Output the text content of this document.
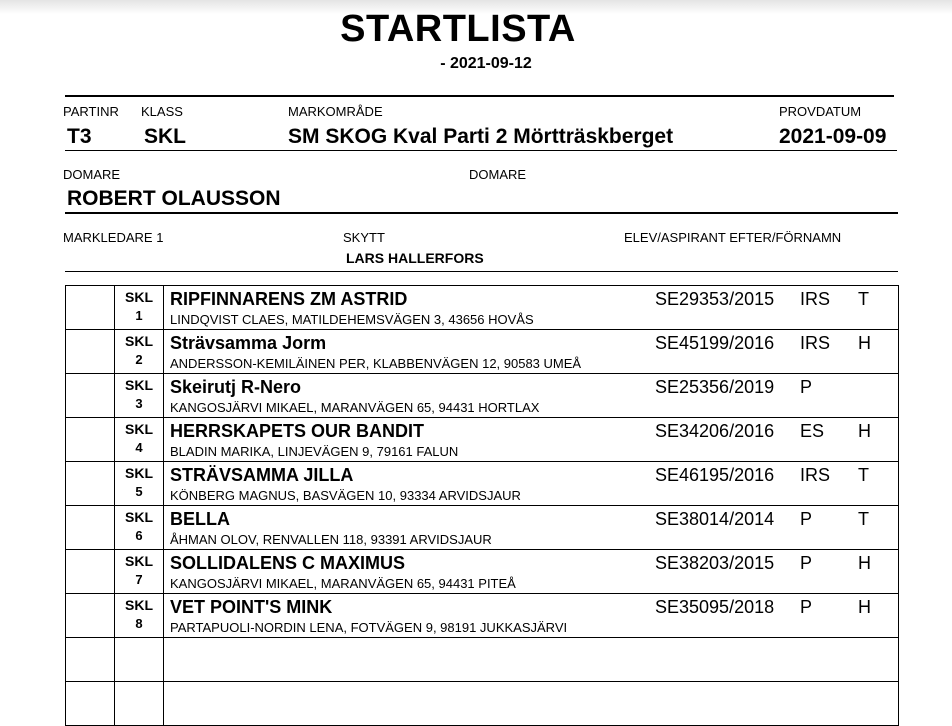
STARTLISTA
- 2021-09-12
PARTINR KLASS	MARKOMRÅDE	PROVDATUM
T3 SKL	SM SKOG Kval Parti 2 Mörtträskberget	2021-09-09
DOMARE	DOMARE
ROBERT OLAUSSON
MARKLEDARE 1	SKYTT	ELEV/ASPIRANT EFTER/FÖRNAMN
LARS HALLERFORS
SKL
1
RIPFINNARENS ZM ASTRID
LINDQVIST CLAES, MATILDEHEMSVÄGEN 3, 43656 HOVÅS
SE29353/2015 IRS T
SKL
2
Strävsamma Jorm
ANDERSSON-KEMILÄINEN PER, KLABBENVÄGEN 12, 90583 UMEÅ
SE45199/2016 IRS H
SKL
3
Skeirutj R-Nero
KANGOSJÄRVI MIKAEL, MARANVÄGEN 65, 94431 HORTLAX
SE25356/2019 P
SKL
4
HERRSKAPETS OUR BANDIT
BLADIN MARIKA, LINJEVÄGEN 9, 79161 FALUN
SE34206/2016 ES H
SKL
5
STRÄVSAMMA JILLA
KÖNBERG MAGNUS, BASVÄGEN 10, 93334 ARVIDSJAUR
SE46195/2016 IRS T
SKL
6
BELLA
ÅHMAN OLOV, RENVALLEN 118, 93391 ARVIDSJAUR
SE38014/2014 P	T
SKL
7
SOLLIDALENS C MAXIMUS
KANGOSJÄRVI MIKAEL, MARANVÄGEN 65, 94431 PITEÅ
SE38203/2015 P	H
SKL
8
VET POINT'S MINK
PARTAPUOLI-NORDIN LENA, FOTVÄGEN 9, 98191 JUKKASJÄRVI
SE35095/2018 P	H
